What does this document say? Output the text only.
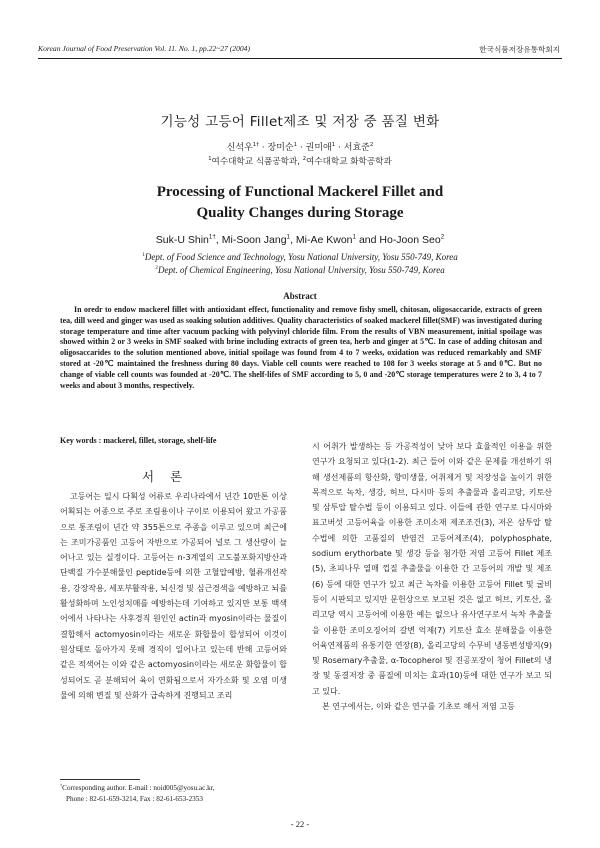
Korean Journal of Food Preservation Vol. 11. No. 1, pp.22~27 (2004)	한국식품저장유통학회지
기능성 고등어 Fillet제조 및 저장 중 품질 변화
신석우$^{1\dagger}$ · 장미순$^1$ · 권미애$^1$ · 서효준$^2$
$^1$여수대학교 식품공학과, $^2$여수대학교 화학공학과
Processing of Functional Mackerel Fillet and
Quality Changes during Storage
Suk-U Shin$^{1\dagger}$, Mi-Soon Jang$^1$, Mi-Ae Kwon$^1$ and Ho-Joon Seo$^2$
$^1$Dept. of Food Science and Technology, Yosu National University, Yosu 550-749, Korea
$^2$Dept. of Chemical Engineering, Yosu National University, Yosu 550-749, Korea
Abstract
In oredr to endow mackerel fillet with antioxidant effect, functionality and remove fishy smell, chitosan, oligosaccaride, extracts of green tea, dill weed and ginger was used as soaking solution additives. Quality characteristics of soaked mackerel fillet(SMF) was investigated during storage temperature and time after vacuum packing with polyvinyl chloride film. From the results of VBN measurement, initial spoilage was showed within 2 or 3 weeks in SMF soaked with brine including extracts of green tea, herb and ginger at 5℃. In case of adding chitosan and oligosaccarides to the solution mentioned above, initial spoilage was found from 4 to 7 weeks, oxidation was reduced remarkably and SMF stored at -20℃ maintained the freshness during 80 days. Viable cell counts were reached to 108 for 3 weeks storage at 5 and 0℃. But no change of viable cell counts was founded at -20℃. The shelf-lifes of SMF according to 5, 0 and -20℃ storage temperatures were 2 to 3, 4 to 7 weeks and about 3 months, respectively.
Key words : mackerel, fillet, storage, shelf-life
서 론
고등어는 일시 다획성 어류로 우리나라에서 년간 10만톤 이상 어획되는 어종으로 주로 조림용이나 구이로 이용되어 왔고 가공품으로 통조림이 년간 약 355톤으로 주종을 이루고 있으며 최근에는 조미가공품인 고등어 자반으로 가공되어 널로 그 생산량이 늘어나고 있는 실정이다. 고등어는 n-3계열의 고도불포화지방산과 단백질 가수분해물인 peptide등에 의한 고혈압예방, 혈류개선작용, 강장작용, 세포부활작용, 뇌신경 및 심근경색을 예방하고 뇌를 활성화하며 노인성치매를 예방하는데 기여하고 있지만 보통 백색어에서 나타나는 사후경직 원인인 actin과 myosin이라는 물질이 결합해서 actomyosin이라는 새로운 화합물이 합성되어 이것이 원상태로 돌아가지 못해 경직이 일어나고 있는데 반해 고등어와 같은 적색어는 이와 같은 actomyosin이라는 새로운 화합물이 합성되어도 곧 분해되어 육이 연화됨으로서 자가소화 및 오염 미생물에 의해 변질 및 산화가 급속하게 진행되고 조리

시 어취가 발생하는 등 가공적성이 낮아 보다 효율적인 이용을 위한 연구가 요청되고 있다(1-2). 최근 들어 이와 같은 문제를 개선하기 위해 생선제품의 항산화, 향미생물, 어취제거 및 저장성을 높이기 위한 목적으로 녹차, 생강, 허브, 다시마 등의 추출물과 올리고당, 키토산 및 삼투압 탈수법 등이 이용되고 있다. 이들에 관한 연구로 다시마와 표고버섯 고등어육을 이용한 조미소재 제조조건(3), 저온 삼투압 탈수법에 의한 고품질의 반염건 고등어제조(4), polyphosphate, sodium erythorbate 및 생강 등을 첨가한 저염 고등어 Fillet 제조(5), 초피나무 열매 껍질 추출물을 이용한 간 고등어의 개발 및 제조(6) 등에 대한 연구가 있고 최근 녹차를 이용한 고등어 Fillet 및 굴비 등이 시판되고 있지만 문헌상으로 보고된 것은 없고 허브, 키토산, 올리고당 역시 고등어에 이용한 예는 없으나 유사연구로서 녹차 추출물을 이용한 조미오징어의 갈변 억제(7) 키토산 효소 분해물을 이용한 어육연제품의 유통기한 연장(8), 올리고당의 수무비 냉동변성방지(9) 및 Rosemary추출물, α-Tocopherol 및 진공포장이 청어 Fillet의 냉장 및 동결저장 중 품질에 미치는 효과(10)등에 대한 연구가 보고 되고 있다.

본 연구에서는, 이와 같은 연구를 기초로 해서 저염 고등

†Corresponding author. E-mail : noid005@yosu.ac.kr,
Phone : 82-61-659-3214, Fax : 82-61-653-2353
- 22 -
